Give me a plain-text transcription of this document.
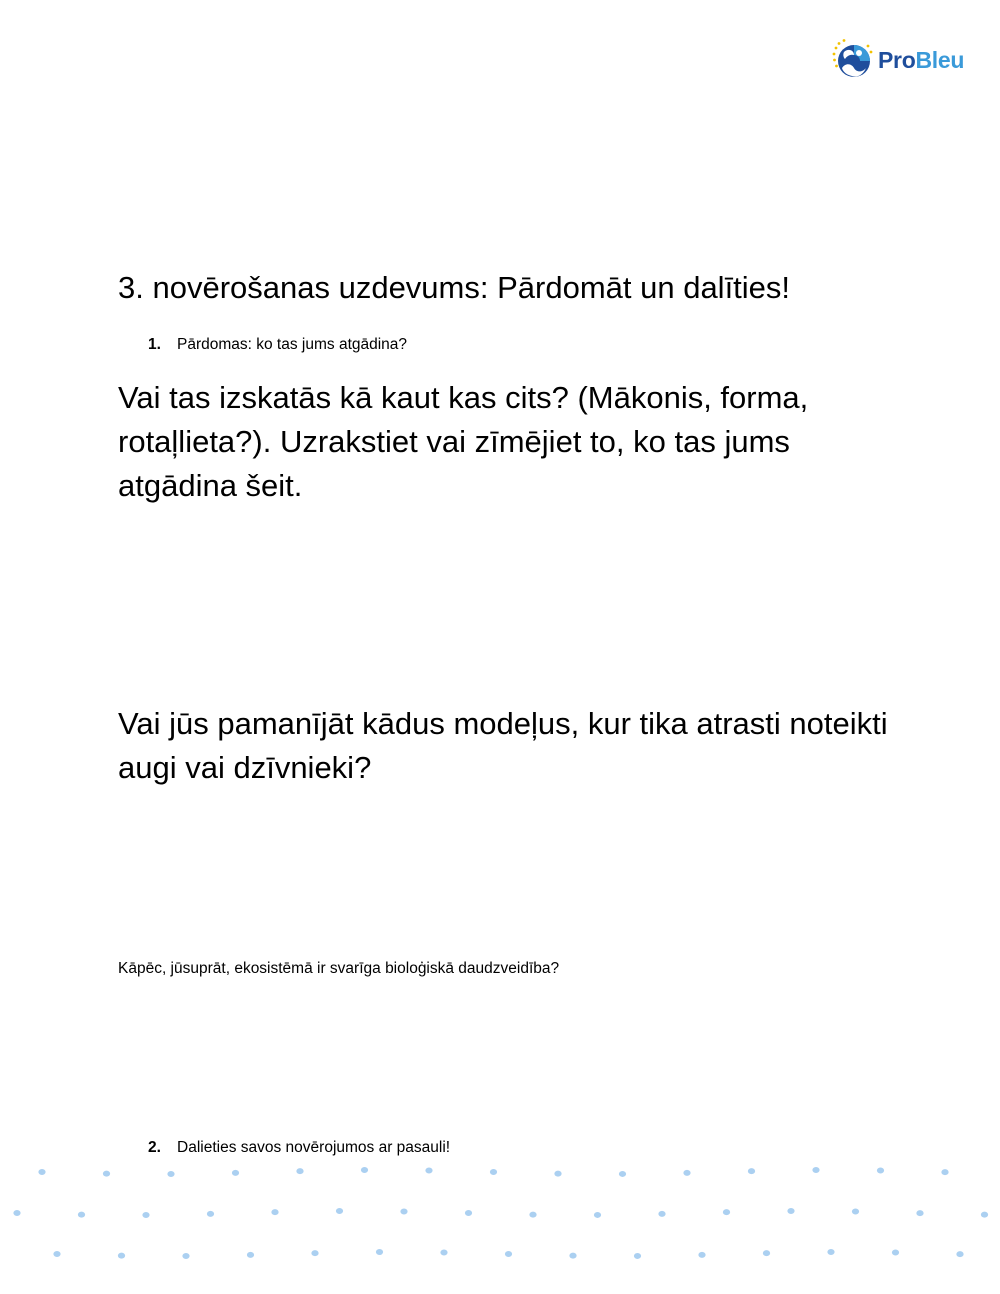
ProBleu
3. novērošanas uzdevums: Pārdomāt un dalīties!
1. Pārdomas: ko tas jums atgādina?

Vai tas izskatās kā kaut kas cits? (Mākonis, forma, rotaļlieta?). Uzrakstiet vai zīmējiet to, ko tas jums atgādina šeit.

Vai jūs pamanījāt kādus modeļus, kur tika atrasti noteikti augi vai dzīvnieki?

Kāpēc, jūsuprāt, ekosistēmā ir svarīga bioloģiskā daudzveidība?

2. Dalieties savos novērojumos ar pasauli!
